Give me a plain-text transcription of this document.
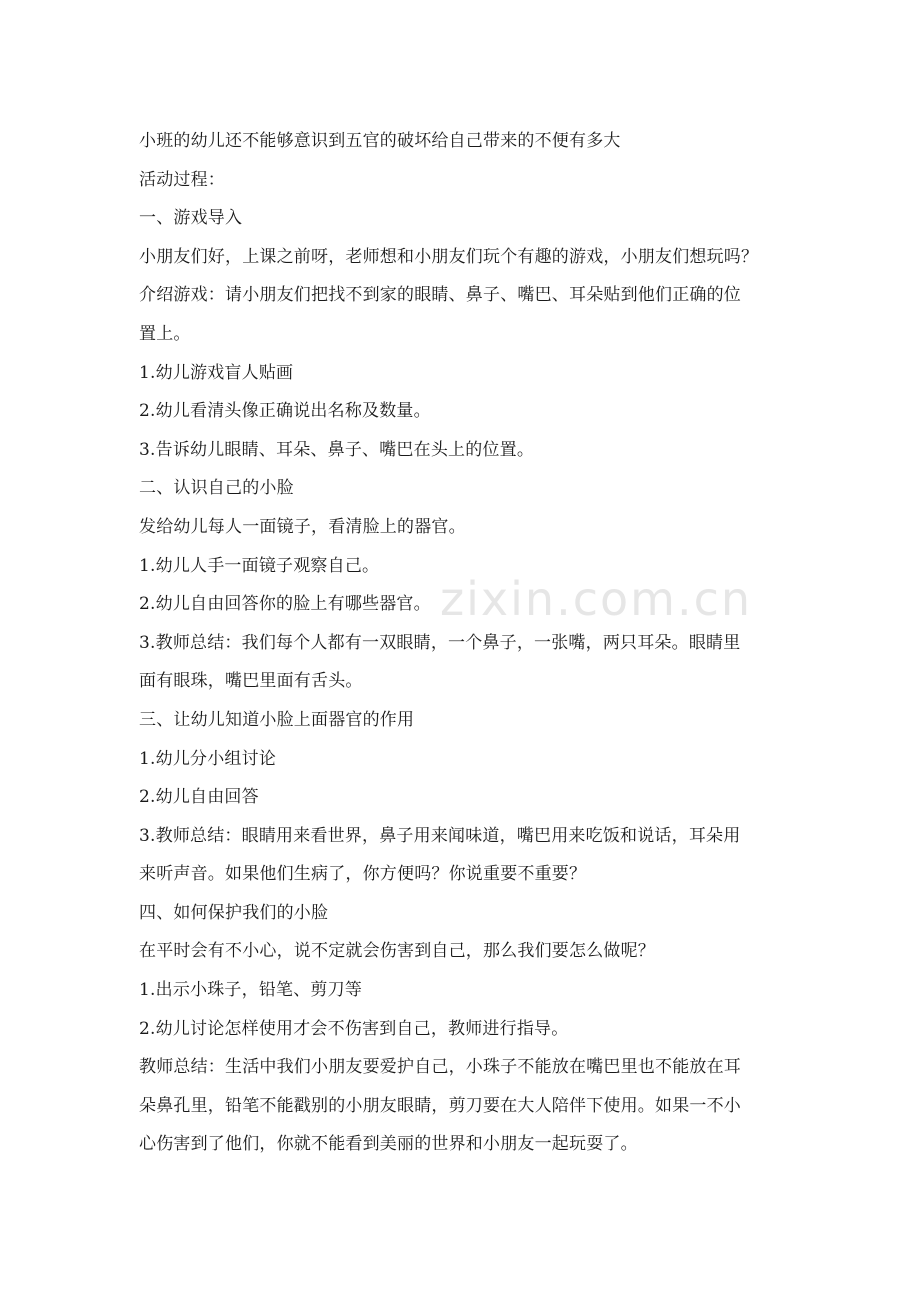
zixin.com.cn
小班的幼儿还不能够意识到五官的破坏给自己带来的不便有多大
活动过程：
一、游戏导入
小朋友们好，上课之前呀，老师想和小朋友们玩个有趣的游戏，小朋友们想玩吗？
介绍游戏：请小朋友们把找不到家的眼睛、鼻子、嘴巴、耳朵贴到他们正确的位
置上。
1.幼儿游戏盲人贴画
2.幼儿看清头像正确说出名称及数量。
3.告诉幼儿眼睛、耳朵、鼻子、嘴巴在头上的位置。
二、认识自己的小脸
发给幼儿每人一面镜子，看清脸上的器官。
1.幼儿人手一面镜子观察自己。
2.幼儿自由回答你的脸上有哪些器官。
3.教师总结：我们每个人都有一双眼睛，一个鼻子，一张嘴，两只耳朵。眼睛里
面有眼珠，嘴巴里面有舌头。
三、让幼儿知道小脸上面器官的作用
1.幼儿分小组讨论
2.幼儿自由回答
3.教师总结：眼睛用来看世界，鼻子用来闻味道，嘴巴用来吃饭和说话，耳朵用
来听声音。如果他们生病了，你方便吗？你说重要不重要？
四、如何保护我们的小脸
在平时会有不小心，说不定就会伤害到自己，那么我们要怎么做呢？
1.出示小珠子，铅笔、剪刀等
2.幼儿讨论怎样使用才会不伤害到自己，教师进行指导。
教师总结：生活中我们小朋友要爱护自己，小珠子不能放在嘴巴里也不能放在耳
朵鼻孔里，铅笔不能戳别的小朋友眼睛，剪刀要在大人陪伴下使用。如果一不小
心伤害到了他们，你就不能看到美丽的世界和小朋友一起玩耍了。
